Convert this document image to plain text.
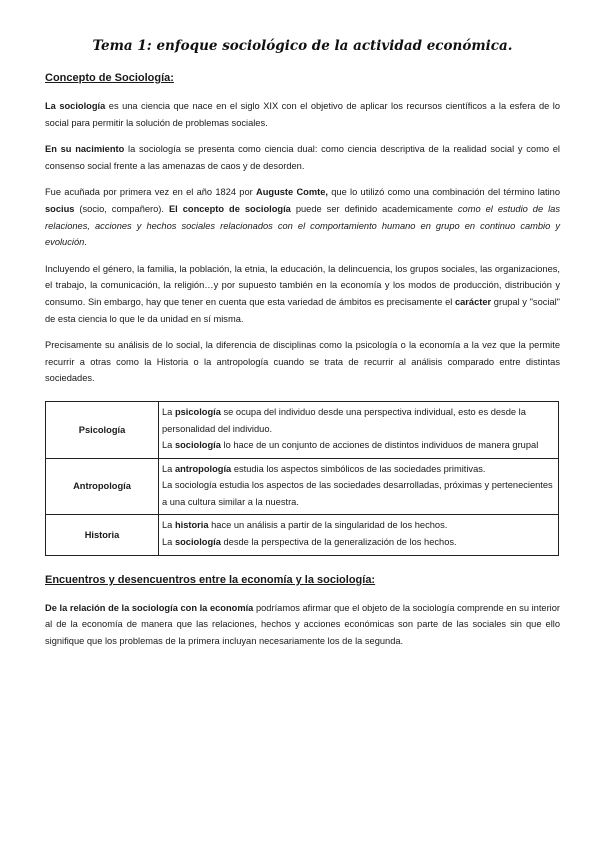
Tema 1: enfoque sociológico de la actividad económica.
Concepto de Sociología:

La sociología es una ciencia que nace en el siglo XIX con el objetivo de aplicar los recursos científicos a la esfera de lo social para permitir la solución de problemas sociales.

En su nacimiento la sociología se presenta como ciencia dual: como ciencia descriptiva de la realidad social y como el consenso social frente a las amenazas de caos y de desorden.

Fue acuñada por primera vez en el año 1824 por Auguste Comte, que lo utilizó como una combinación del término latino socius (socio, compañero). El concepto de sociología puede ser definido academicamente como el estudio de las relaciones, acciones y hechos sociales relacionados con el comportamiento humano en grupo en continuo cambio y evolución.

Incluyendo el género, la familia, la población, la etnia, la educación, la delincuencia, los grupos sociales, las organizaciones, el trabajo, la comunicación, la religión…y por supuesto también en la economía y los modos de producción, distribución y consumo. Sin embargo, hay que tener en cuenta que esta variedad de ámbitos es precisamente el carácter grupal y "social" de esta ciencia lo que le da unidad en sí misma.

Precisamente su análisis de lo social, la diferencia de disciplinas como la psicología o la economía a la vez que la permite recurrir a otras como la Historia o la antropología cuando se trata de recurrir al análisis comparado entre distintas sociedades.

Psicología	La psicología se ocupa del individuo desde una perspectiva individual, esto es desde la personalidad del individuo.
La sociología lo hace de un conjunto de acciones de distintos individuos de manera grupal

Antropología	La antropología estudia los aspectos simbólicos de las sociedades primitivas.
La sociología estudia los aspectos de las sociedades desarrolladas, próximas y pertenecientes a una cultura similar a la nuestra.

Historia	La historia hace un análisis a partir de la singularidad de los hechos.
La sociología desde la perspectiva de la generalización de los hechos.
Encuentros y desencuentros entre la economía y la sociología:

De la relación de la sociología con la economía podríamos afirmar que el objeto de la sociología comprende en su interior al de la economía de manera que las relaciones, hechos y acciones económicas son parte de las sociales sin que ello signifique que los problemas de la primera incluyan necesariamente los de la segunda.
